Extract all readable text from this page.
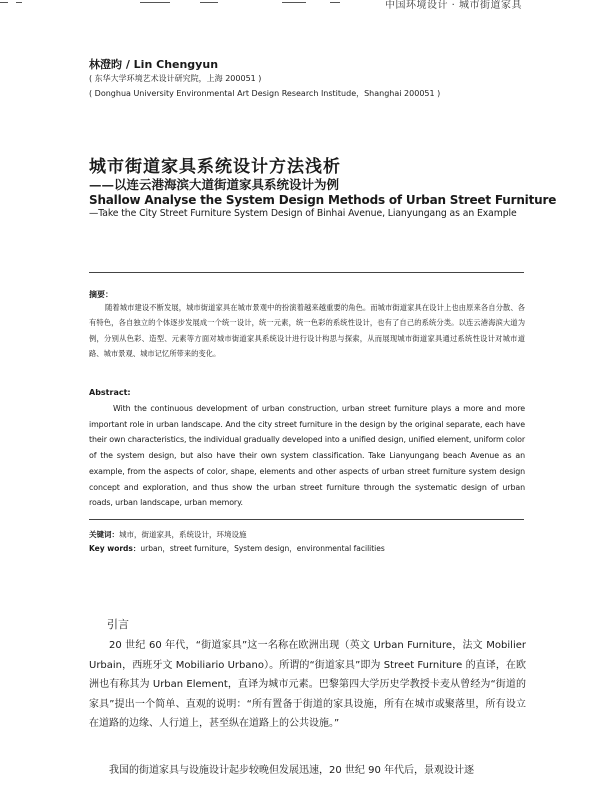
中国环境设计 · 城市街道家具
林澄昀 / Lin Chengyun
( 东华大学环境艺术设计研究院，上海 200051 )
( Donghua University Environmental Art Design Research Institude，Shanghai 200051 )
城市街道家具系统设计方法浅析
——以连云港海滨大道街道家具系统设计为例
Shallow Analyse the System Design Methods of Urban Street Furniture
—Take the City Street Furniture System Design of Binhai Avenue, Lianyungang as an Example
摘要：
随着城市建设不断发展，城市街道家具在城市景观中的扮演着越来越重要的角色。而城市街道家具在设计上也由原来各自分散、各有特色，各自独立的个体逐步发展成一个统一设计，统一元素，统一色彩的系统性设计，也有了自己的系统分类。以连云港海滨大道为例，分别从色彩、造型、元素等方面对城市街道家具系统设计进行设计构思与探索，从而展现城市街道家具通过系统性设计对城市道路、城市景观、城市记忆所带来的变化。
Abstract:
With the continuous development of urban construction, urban street furniture plays a more and more important role in urban landscape. And the city street furniture in the design by the original separate, each have their own characteristics, the individual gradually developed into a unified design, unified element, uniform color of the system design, but also have their own system classification. Take Lianyungang beach Avenue as an example, from the aspects of color, shape, elements and other aspects of urban street furniture system design concept and exploration, and thus show the urban street furniture through the systematic design of urban roads, urban landscape, urban memory.
关键词：城市，街道家具，系统设计，环境设施
Key words：urban，street furniture，System design，environmental facilities
引言
20 世纪 60 年代，“街道家具”这一名称在欧洲出现（英文 Urban Furniture，法文 Mobilier Urbain，西班牙文 Mobiliario Urbano）。所谓的“街道家具”即为 Street Furniture 的直译，在欧洲也有称其为 Urban Element，直译为城市元素。巴黎第四大学历史学教授卡麦从曾经为“街道的家具”提出一个简单、直观的说明：“所有置备于街道的家具设施，所有在城市或聚落里，所有设立在道路的边缘、人行道上，甚至纵在道路上的公共设施。”
我国的街道家具与设施设计起步较晚但发展迅速，20 世纪 90 年代后，景观设计逐
